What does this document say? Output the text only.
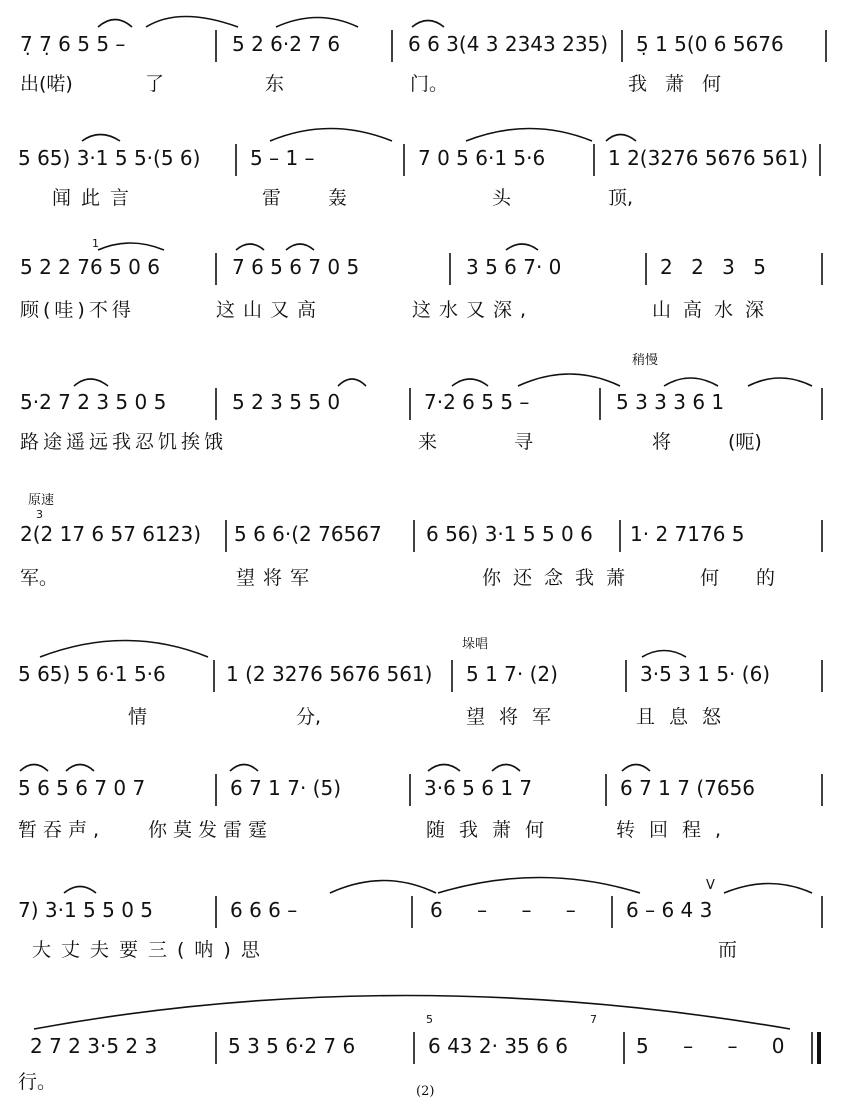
7̣ 7̣ 6 5 5 –	5 2 6·2 7 6	6 6 3(4 3 2343 235) 5̣ 1 5(0 6 5676
出(喏)	了	东	门。	我萧何
5 65) 3·1 5 5·(5 6) 5 – 1 –	7 0 5 6·1 5·6	1 2(3276 5676 561)
闻此言	雷 轰	头	顶,
5 2 2 76 5 0 6	7 6 5 6 7 0 5	3 5 6 7· 0	2 2 3 5
顾(哇)不得	这山又高	这水又深,	山高水深
稍慢
5·2 7 2 3 5 0 5	5 2 3 5 5 0	7·2 6 5 5 –	5 3 3 3 6 1
路途遥远我忍饥挨饿	来	寻	将	(呃)
原速
3
2(2 17 6 57 6123) 5 6 6·(2 76567 6 56) 3·1 5 5 0 6 1· 2 7176 5
军。	望将军	你还念我萧	何 的
垛唱
5 65) 5 6·1 5·6	1 (2 3276 5676 561) 5 1 7· (2)	3·5 3 1 5· (6)
情	分,	望将军	且息怒
5 6 5 6 7 0 7	6 7 1 7· (5)	3·6 5 6 1 7	6 7 1 7 (7656
暂吞声, 你莫发雷霆	随我萧何	转回程,
V
7) 3·1 5 5 0 5	6 6 6 –	6 – – – 6 – 6 4 3
大丈夫要三(呐)思	而
5	7
1
2 7 2 3·5 2 3	5 3 5 6·2 7 6	6 43 2· 35 6 6	5 – – 0
行。	(2)
